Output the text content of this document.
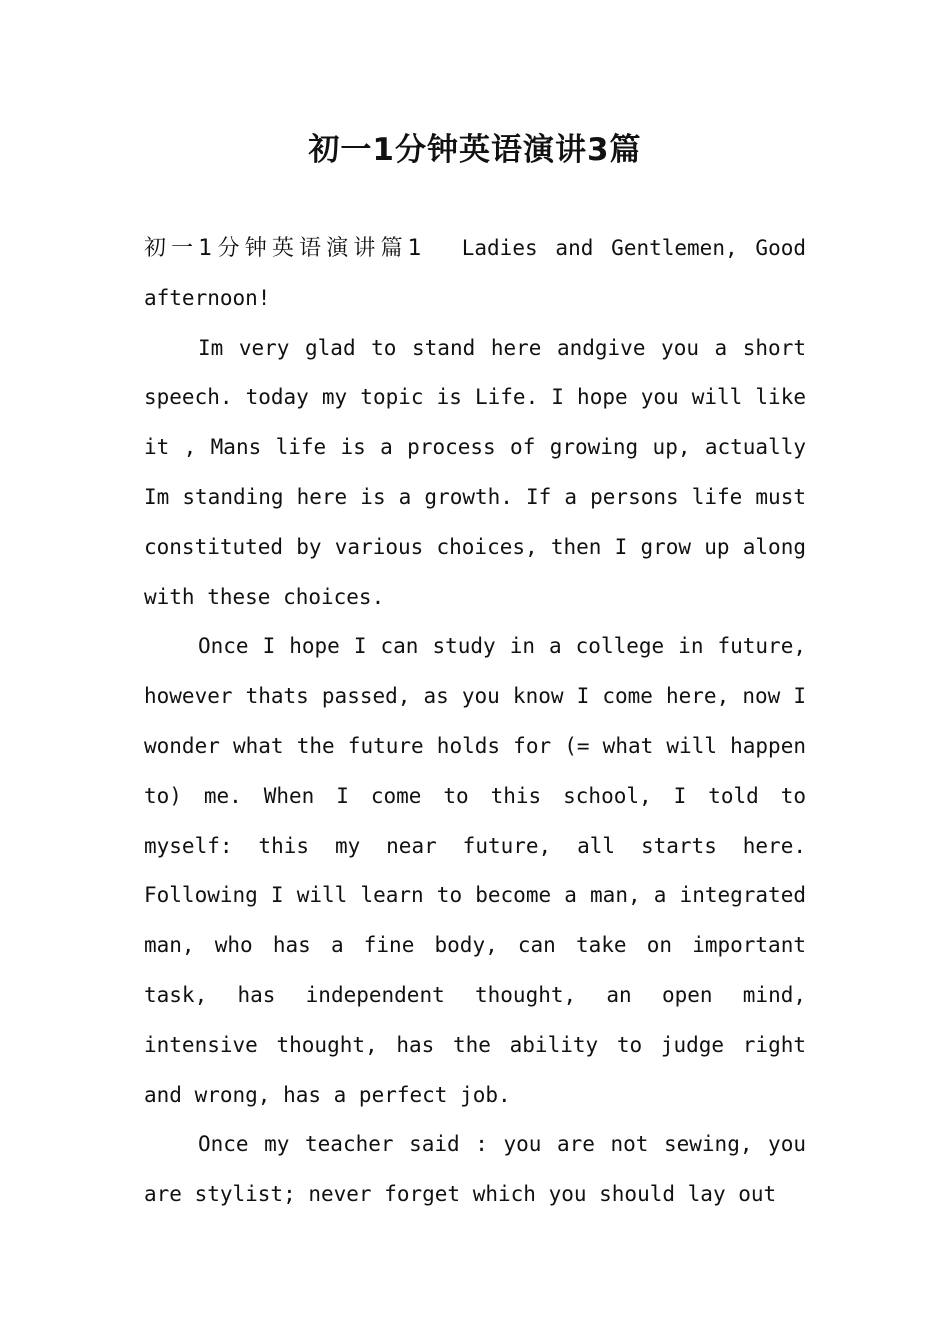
初一1分钟英语演讲3篇

初一1分钟英语演讲篇1 Ladies and Gentlemen, Good afternoon!

Im very glad to stand here andgive you a short speech. today my topic is Life. I hope you will like it , Mans life is a process of growing up, actually Im standing here is a growth. If a persons life must constituted by various choices, then I grow up along with these choices.

Once I hope I can study in a college in future, however thats passed, as you know I come here, now I wonder what the future holds for (= what will happen to) me. When I come to this school, I told to myself: this my near future, all starts here. Following I will learn to become a man, a integrated man, who has a fine body, can take on important task, has independent thought, an open mind, intensive thought, has the ability to judge right and wrong, has a perfect job.

Once my teacher said : you are not sewing, you are stylist; never forget which you should lay out
